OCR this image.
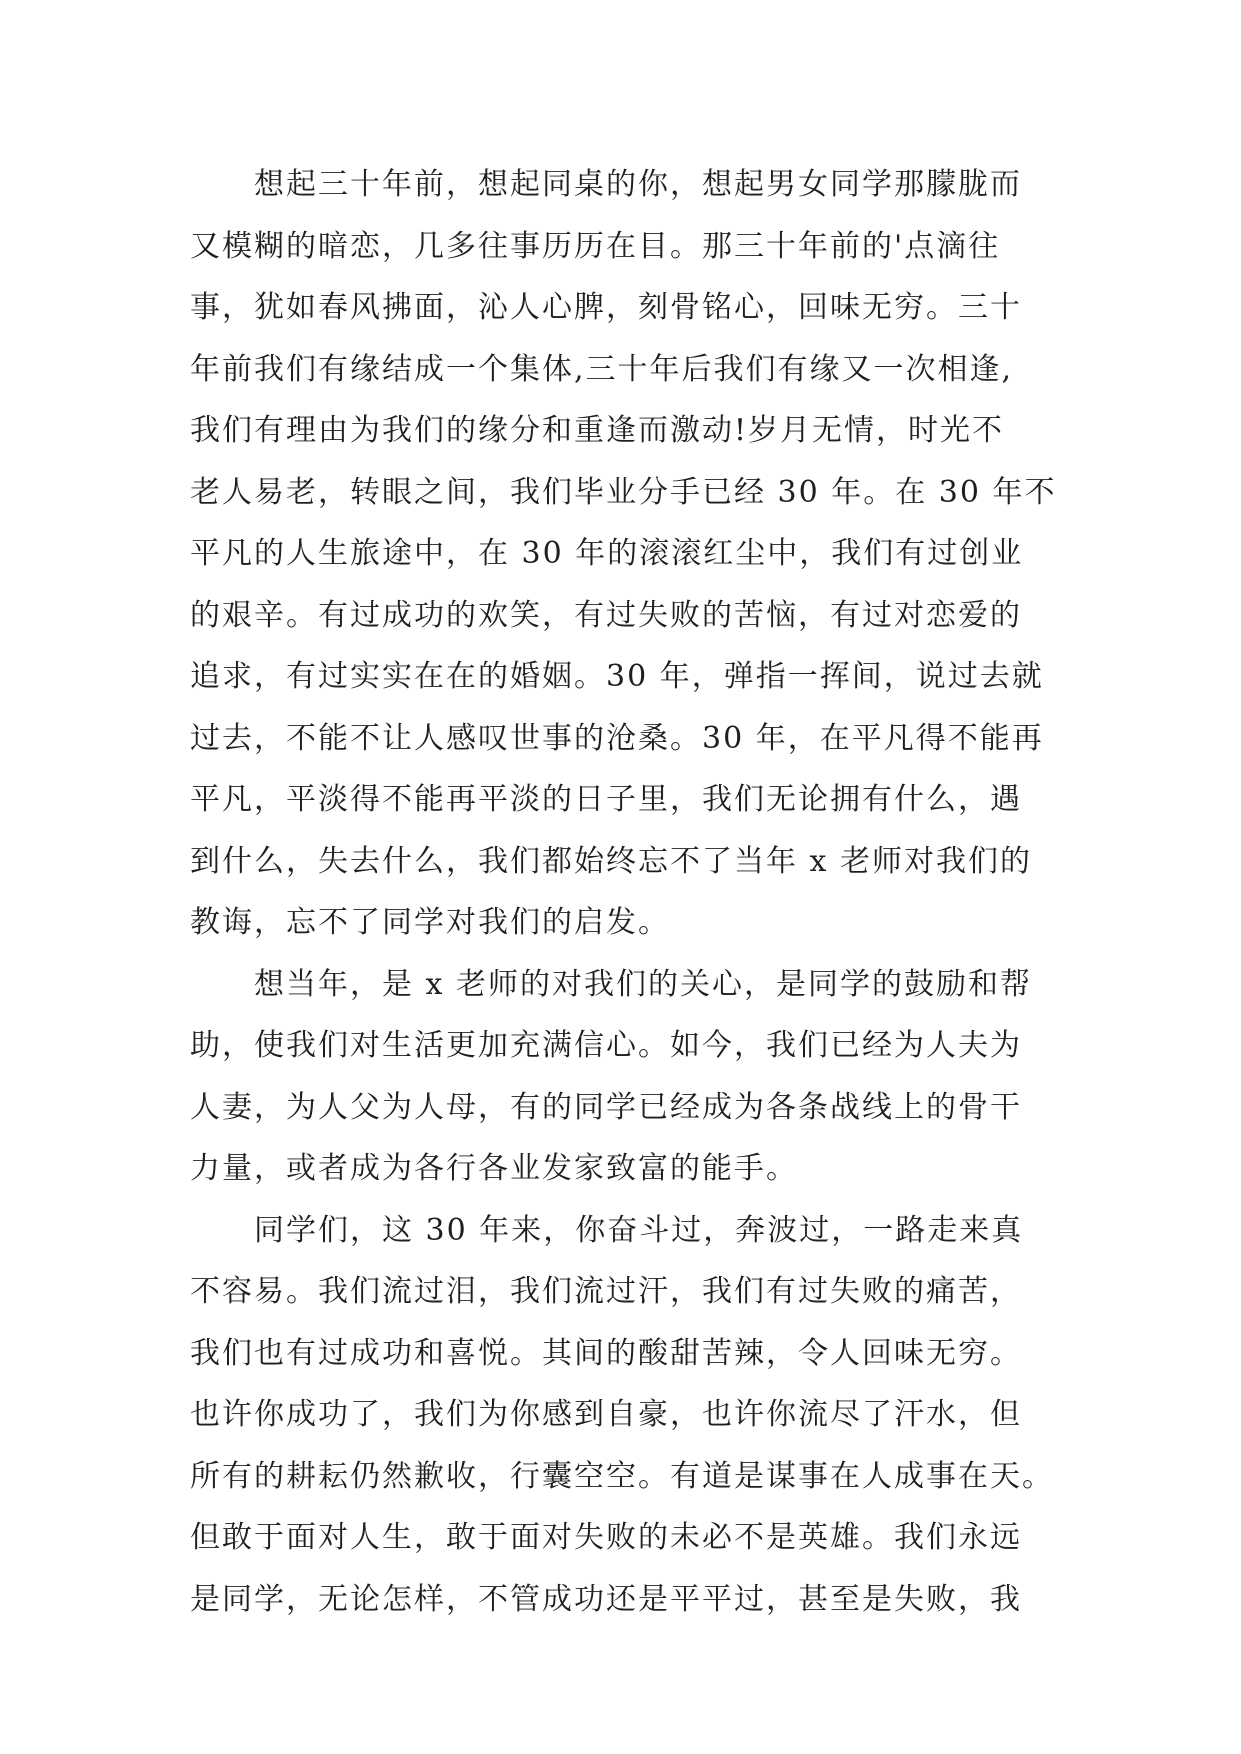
想起三十年前，想起同桌的你，想起男女同学那朦胧而
又模糊的暗恋，几多往事历历在目。那三十年前的'点滴往
事，犹如春风拂面，沁人心脾，刻骨铭心，回味无穷。三十
年前我们有缘结成一个集体,三十年后我们有缘又一次相逢,
我们有理由为我们的缘分和重逢而激动!岁月无情，时光不
老人易老，转眼之间，我们毕业分手已经 30 年。在 30 年不
平凡的人生旅途中，在 30 年的滚滚红尘中，我们有过创业
的艰辛。有过成功的欢笑，有过失败的苦恼，有过对恋爱的
追求，有过实实在在的婚姻。30 年，弹指一挥间，说过去就
过去，不能不让人感叹世事的沧桑。30 年，在平凡得不能再
平凡，平淡得不能再平淡的日子里，我们无论拥有什么，遇
到什么，失去什么，我们都始终忘不了当年 x 老师对我们的
教诲，忘不了同学对我们的启发。
想当年，是 x 老师的对我们的关心，是同学的鼓励和帮
助，使我们对生活更加充满信心。如今，我们已经为人夫为
人妻，为人父为人母，有的同学已经成为各条战线上的骨干
力量，或者成为各行各业发家致富的能手。
同学们，这 30 年来，你奋斗过，奔波过，一路走来真
不容易。我们流过泪，我们流过汗，我们有过失败的痛苦，
我们也有过成功和喜悦。其间的酸甜苦辣，令人回味无穷。
也许你成功了，我们为你感到自豪，也许你流尽了汗水，但
所有的耕耘仍然歉收，行囊空空。有道是谋事在人成事在天。
但敢于面对人生，敢于面对失败的未必不是英雄。我们永远
是同学，无论怎样，不管成功还是平平过，甚至是失败，我
